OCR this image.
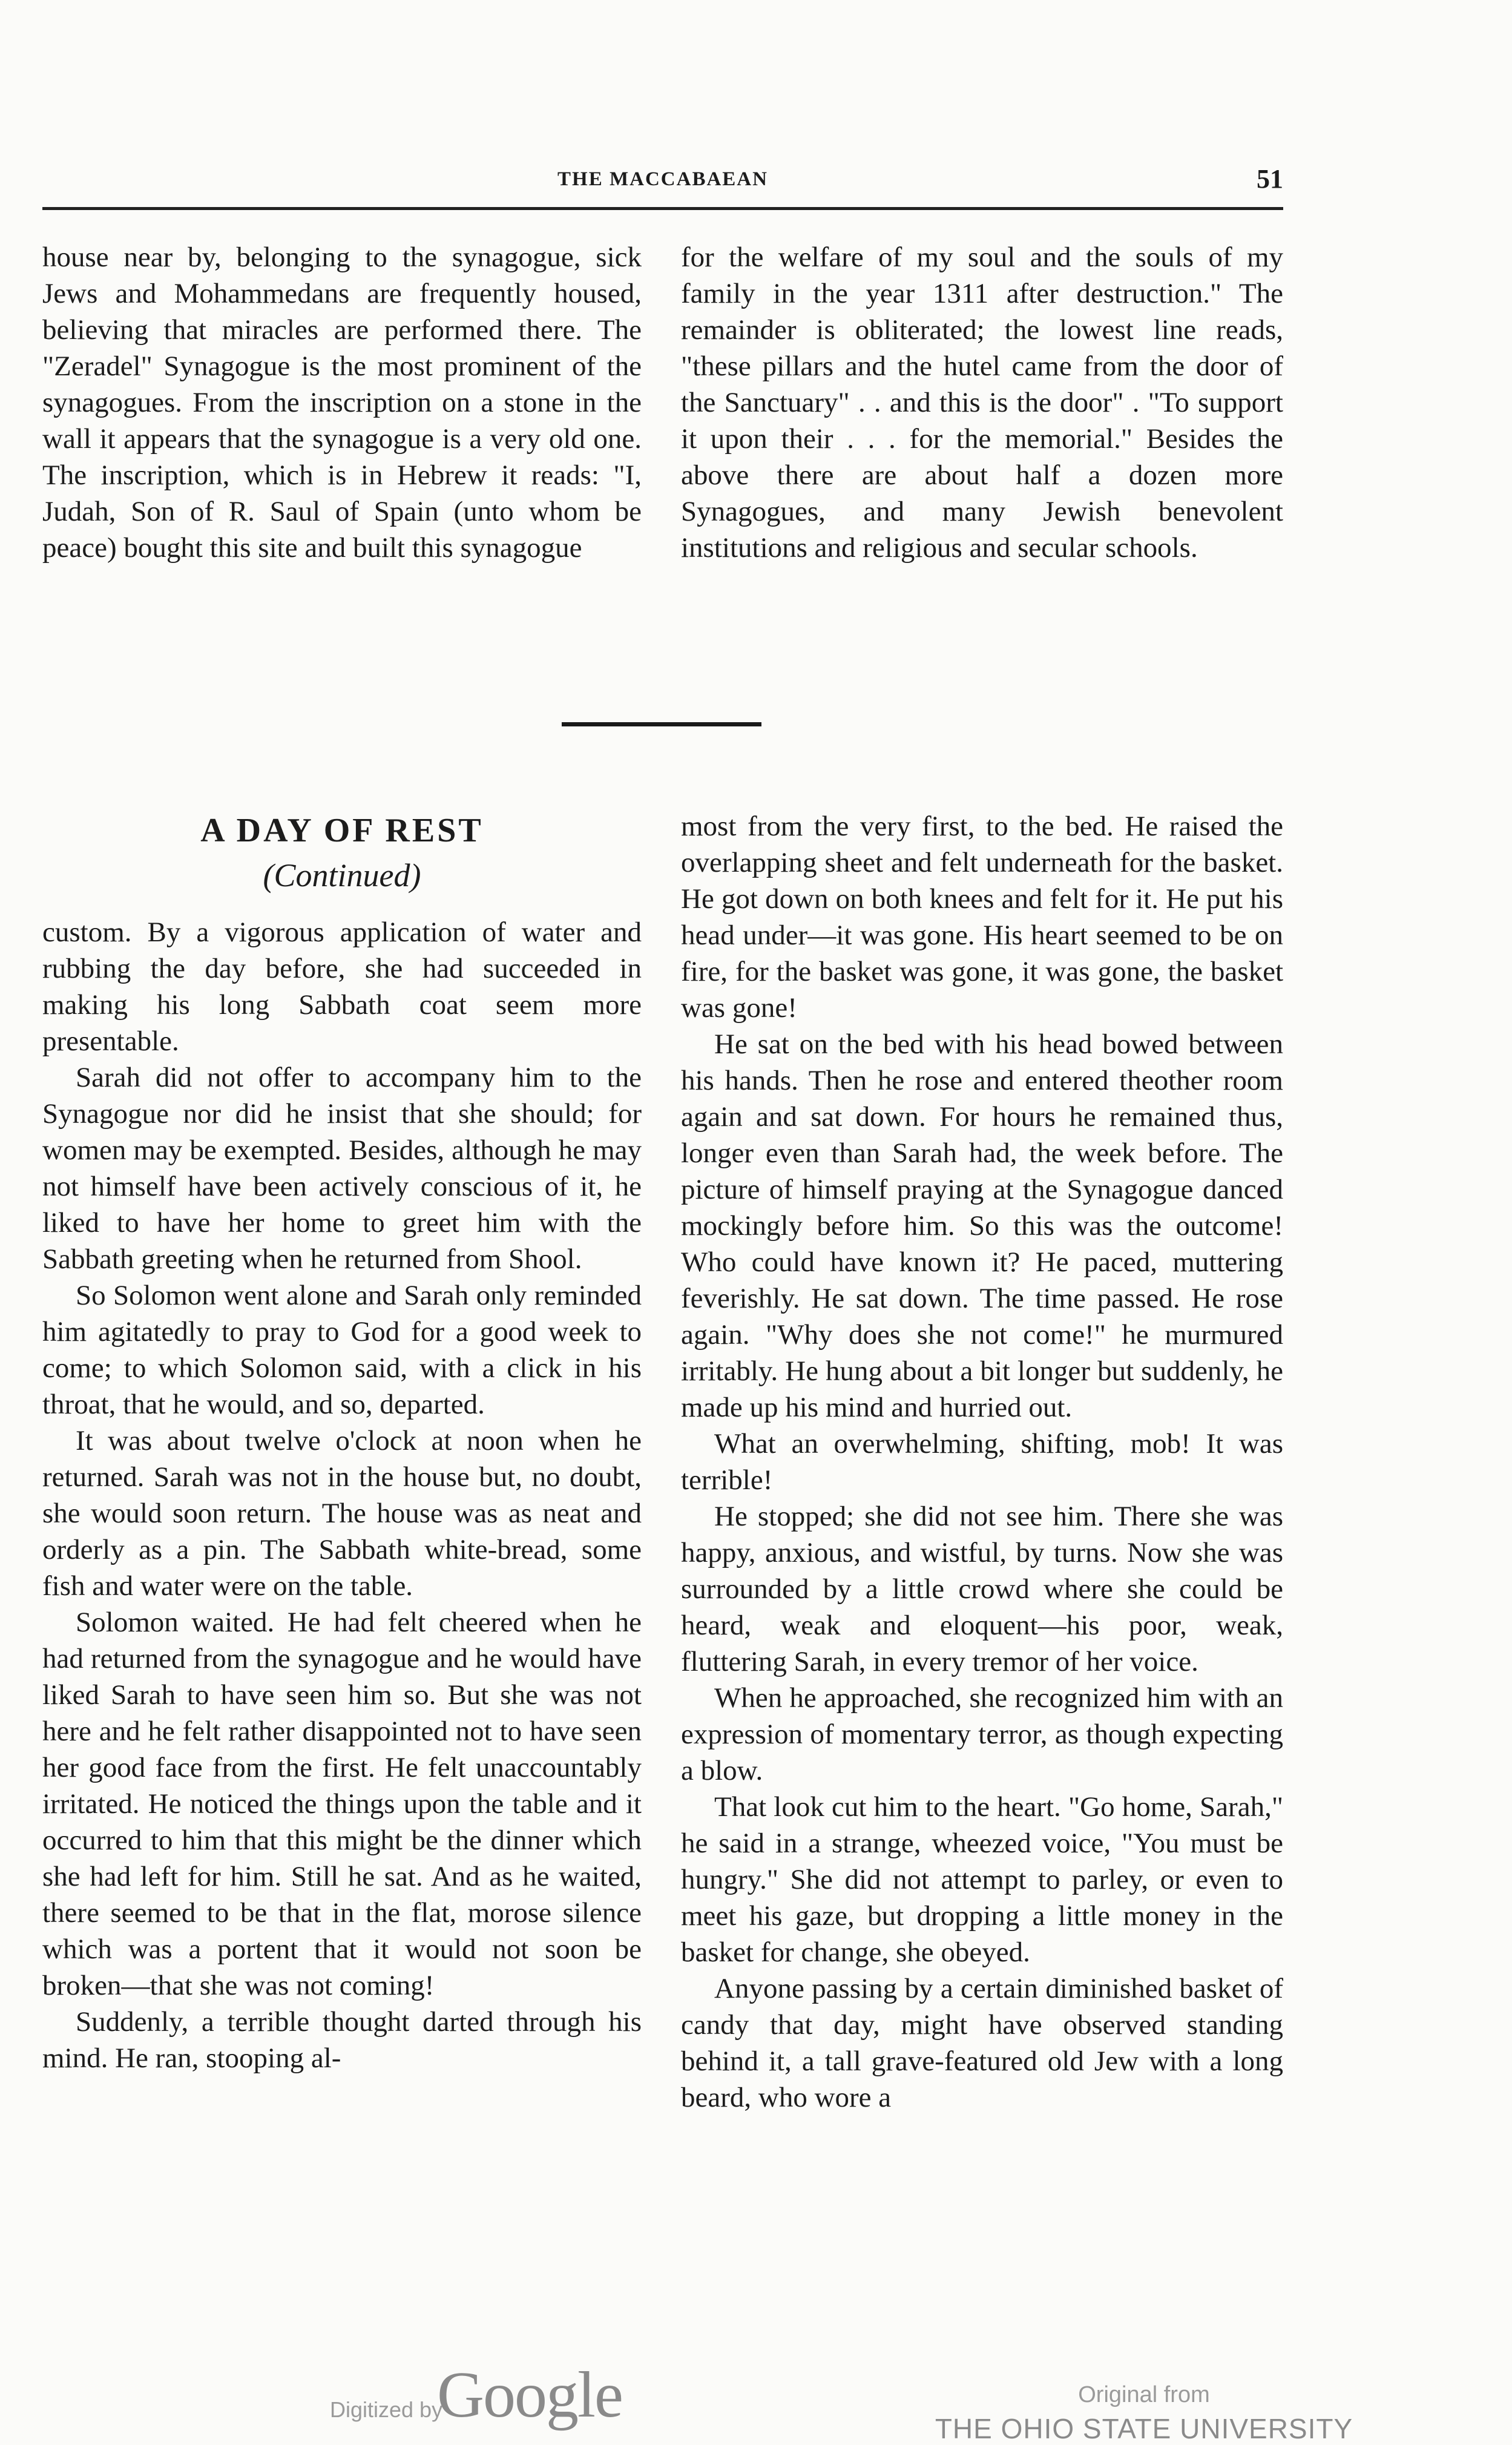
THE MACCABAEAN	51

house near by, belonging to the synagogue, sick Jews and Mohammedans are frequently housed, believing that miracles are performed there. The "Zeradel" Synagogue is the most prominent of the synagogues. From the inscription on a stone in the wall it appears that the synagogue is a very old one. The inscription, which is in Hebrew it reads: "I, Judah, Son of R. Saul of Spain (unto whom be peace) bought this site and built this synagogue

for the welfare of my soul and the souls of my family in the year 1311 after destruction." The remainder is obliterated; the lowest line reads, "these pillars and the hutel came from the door of the Sanctuary" . . and this is the door" . "To support it upon their . . . for the memorial." Besides the above there are about half a dozen more Synagogues, and many Jewish benevolent institutions and religious and secular schools.

A DAY OF REST
(Continued)

custom. By a vigorous application of water and rubbing the day before, she had succeeded in making his long Sabbath coat seem more presentable.

Sarah did not offer to accompany him to the Synagogue nor did he insist that she should; for women may be exempted. Besides, although he may not himself have been actively conscious of it, he liked to have her home to greet him with the Sabbath greeting when he returned from Shool.

So Solomon went alone and Sarah only reminded him agitatedly to pray to God for a good week to come; to which Solomon said, with a click in his throat, that he would, and so, departed.

It was about twelve o'clock at noon when he returned. Sarah was not in the house but, no doubt, she would soon return. The house was as neat and orderly as a pin. The Sabbath white-bread, some fish and water were on the table.

Solomon waited. He had felt cheered when he had returned from the synagogue and he would have liked Sarah to have seen him so. But she was not here and he felt rather disappointed not to have seen her good face from the first. He felt unaccountably irritated. He noticed the things upon the table and it occurred to him that this might be the dinner which she had left for him. Still he sat. And as he waited, there seemed to be that in the flat, morose silence which was a portent that it would not soon be broken—that she was not coming!

Suddenly, a terrible thought darted through his mind. He ran, stooping al-

most from the very first, to the bed. He raised the overlapping sheet and felt underneath for the basket. He got down on both knees and felt for it. He put his head under—it was gone. His heart seemed to be on fire, for the basket was gone, it was gone, the basket was gone!

He sat on the bed with his head bowed between his hands. Then he rose and entered theother room again and sat down. For hours he remained thus, longer even than Sarah had, the week before. The picture of himself praying at the Synagogue danced mockingly before him. So this was the outcome! Who could have known it? He paced, muttering feverishly. He sat down. The time passed. He rose again. "Why does she not come!" he murmured irritably. He hung about a bit longer but suddenly, he made up his mind and hurried out.

What an overwhelming, shifting, mob! It was terrible!

He stopped; she did not see him. There she was happy, anxious, and wistful, by turns. Now she was surrounded by a little crowd where she could be heard, weak and eloquent—his poor, weak, fluttering Sarah, in every tremor of her voice.

When he approached, she recognized him with an expression of momentary terror, as though expecting a blow.

That look cut him to the heart. "Go home, Sarah," he said in a strange, wheezed voice, "You must be hungry." She did not attempt to parley, or even to meet his gaze, but dropping a little money in the basket for change, she obeyed.

Anyone passing by a certain diminished basket of candy that day, might have observed standing behind it, a tall grave-featured old Jew with a long beard, who wore a

Digitized by
Google	Original from
THE OHIO STATE UNIVERSITY
